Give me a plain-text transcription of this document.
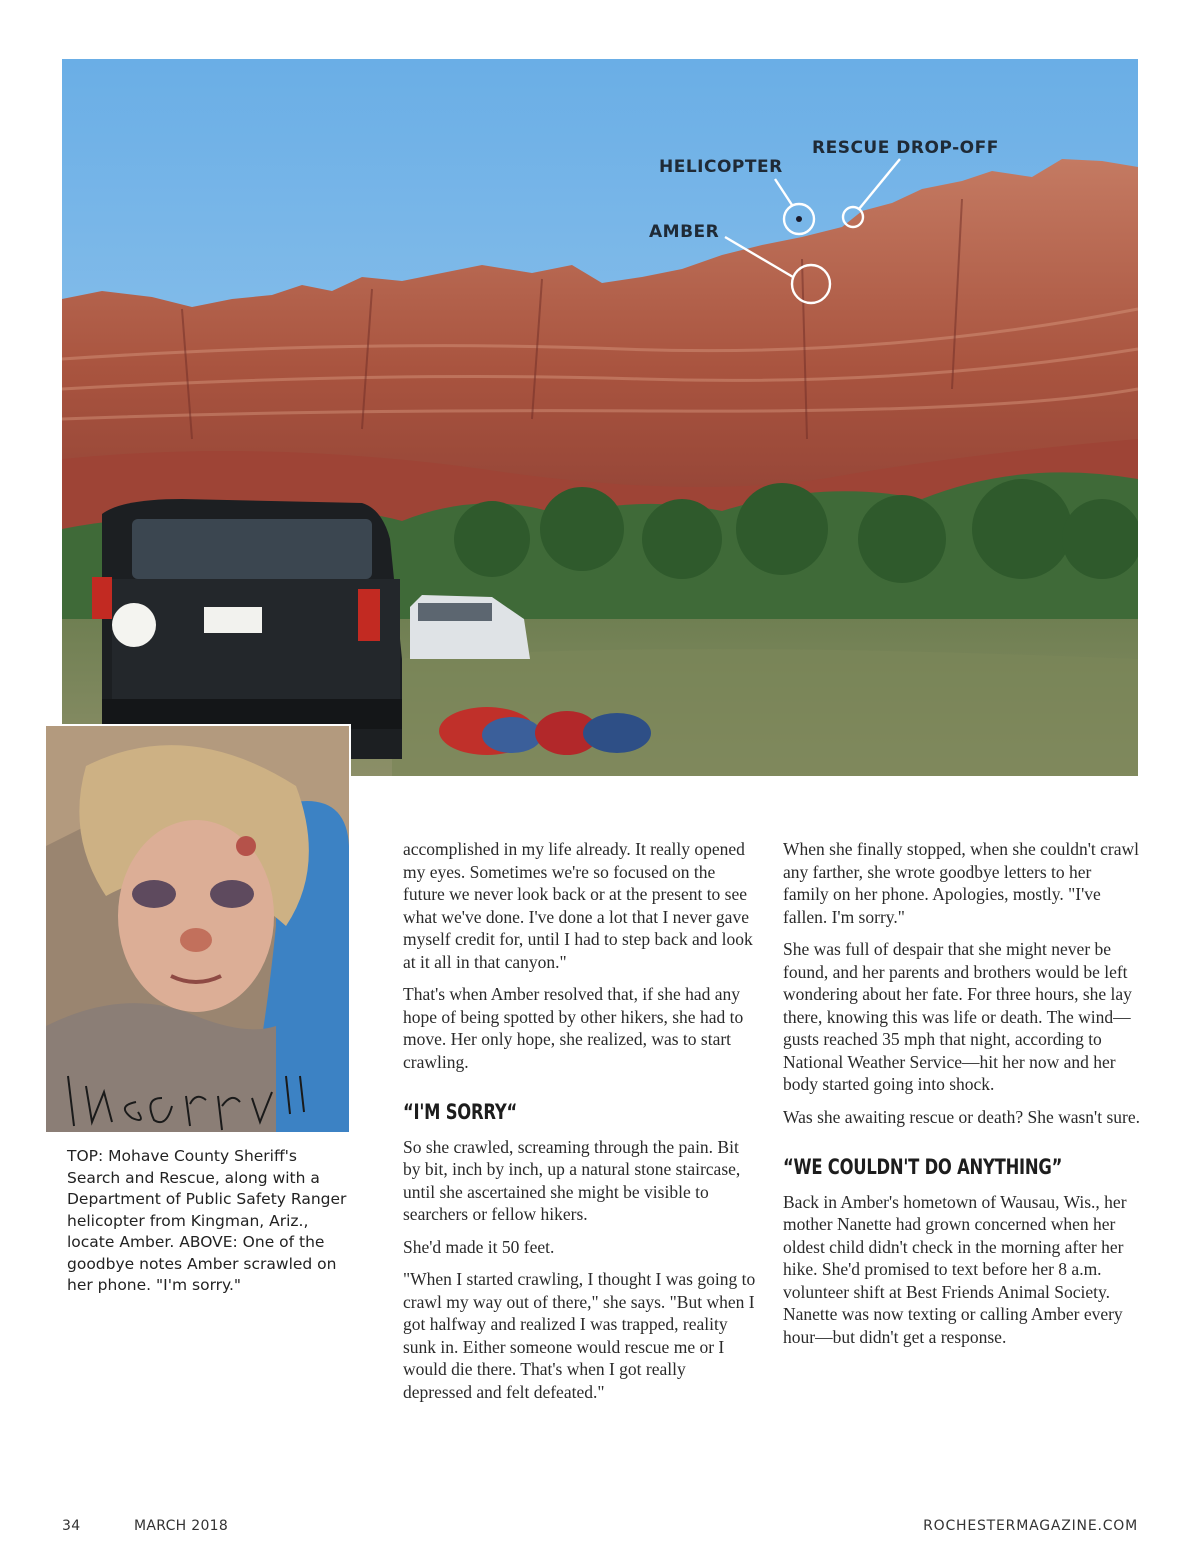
RESCUE DROP-OFF
HELICOPTER
AMBER
TOP: Mohave County Sheriff's Search and Rescue, along with a Department of Public Safety Ranger helicopter from Kingman, Ariz., locate Amber. ABOVE: One of the goodbye notes Amber scrawled on her phone. "I'm sorry."

accomplished in my life already. It really opened my eyes. Sometimes we're so focused on the future we never look back or at the present to see what we've done. I've done a lot that I never gave myself credit for, until I had to step back and look at it all in that canyon."

That's when Amber resolved that, if she had any hope of being spotted by other hikers, she had to move. Her only hope, she realized, was to start crawling.

“I'M SORRY“

So she crawled, screaming through the pain. Bit by bit, inch by inch, up a natural stone staircase, until she ascertained she might be visible to searchers or fellow hikers.

She'd made it 50 feet.

"When I started crawling, I thought I was going to crawl my way out of there," she says. "But when I got halfway and realized I was trapped, reality sunk in. Either someone would rescue me or I would die there. That's when I got really depressed and felt defeated."

When she finally stopped, when she couldn't crawl any farther, she wrote goodbye letters to her family on her phone. Apologies, mostly. "I've fallen. I'm sorry."

She was full of despair that she might never be found, and her parents and brothers would be left wondering about her fate. For three hours, she lay there, knowing this was life or death. The wind—gusts reached 35 mph that night, according to National Weather Service—hit her now and her body started going into shock.

Was she awaiting rescue or death? She wasn't sure.

“WE COULDN'T DO ANYTHING”

Back in Amber's hometown of Wausau, Wis., her mother Nanette had grown concerned when her oldest child didn't check in the morning after her hike. She'd promised to text before her 8 a.m. volunteer shift at Best Friends Animal Society. Nanette was now texting or calling Amber every hour—but didn't get a response.

34	MARCH 2018	ROCHESTERMAGAZINE.COM
